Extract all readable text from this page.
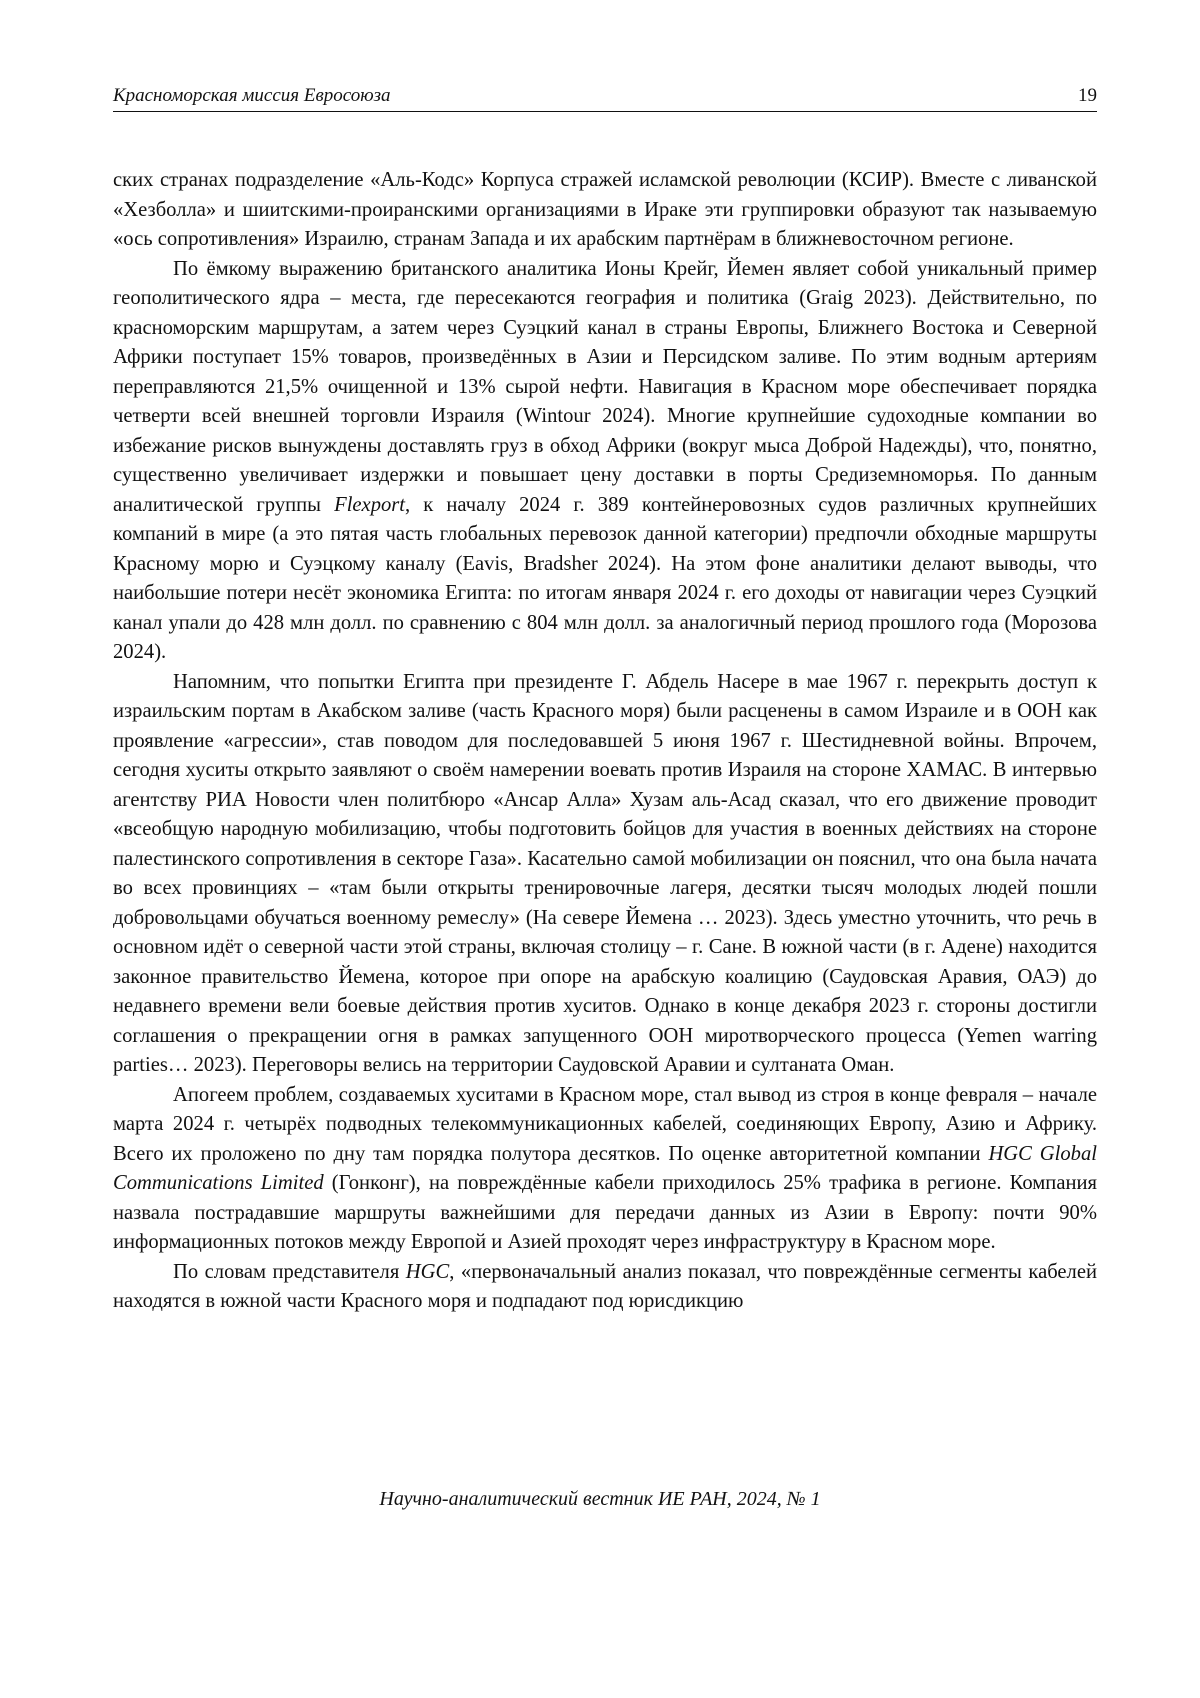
Красноморская миссия Евросоюза	19

ских странах подразделение «Аль-Кодс» Корпуса стражей исламской революции (КСИР). Вместе с ливанской «Хезболла» и шиитскими-проиранскими организациями в Ираке эти группировки образуют так называемую «ось сопротивления» Израилю, странам Запада и их арабским партнёрам в ближневосточном регионе.

По ёмкому выражению британского аналитика Ионы Крейг, Йемен являет собой уникальный пример геополитического ядра – места, где пересекаются география и политика (Graig 2023). Действительно, по красноморским маршрутам, а затем через Суэцкий канал в страны Европы, Ближнего Востока и Северной Африки поступает 15% товаров, произведённых в Азии и Персидском заливе. По этим водным артериям переправляются 21,5% очищенной и 13% сырой нефти. Навигация в Красном море обеспечивает порядка четверти всей внешней торговли Израиля (Wintour 2024). Многие крупнейшие судоходные компании во избежание рисков вынуждены доставлять груз в обход Африки (вокруг мыса Доброй Надежды), что, понятно, существенно увеличивает издержки и повышает цену доставки в порты Средиземноморья. По данным аналитической группы Flexport, к началу 2024 г. 389 контейнеровозных судов различных крупнейших компаний в мире (а это пятая часть глобальных перевозок данной категории) предпочли обходные маршруты Красному морю и Суэцкому каналу (Eavis, Bradsher 2024). На этом фоне аналитики делают выводы, что наибольшие потери несёт экономика Египта: по итогам января 2024 г. его доходы от навигации через Суэцкий канал упали до 428 млн долл. по сравнению с 804 млн долл. за аналогичный период прошлого года (Морозова 2024).

Напомним, что попытки Египта при президенте Г. Абдель Насере в мае 1967 г. перекрыть доступ к израильским портам в Акабском заливе (часть Красного моря) были расценены в самом Израиле и в ООН как проявление «агрессии», став поводом для последовавшей 5 июня 1967 г. Шестидневной войны. Впрочем, сегодня хуситы открыто заявляют о своём намерении воевать против Израиля на стороне ХАМАС. В интервью агентству РИА Новости член политбюро «Ансар Алла» Хузам аль-Асад сказал, что его движение проводит «всеобщую народную мобилизацию, чтобы подготовить бойцов для участия в военных действиях на стороне палестинского сопротивления в секторе Газа». Касательно самой мобилизации он пояснил, что она была начата во всех провинциях – «там были открыты тренировочные лагеря, десятки тысяч молодых людей пошли добровольцами обучаться военному ремеслу» (На севере Йемена … 2023). Здесь уместно уточнить, что речь в основном идёт о северной части этой страны, включая столицу – г. Сане. В южной части (в г. Адене) находится законное правительство Йемена, которое при опоре на арабскую коалицию (Саудовская Аравия, ОАЭ) до недавнего времени вели боевые действия против хуситов. Однако в конце декабря 2023 г. стороны достигли соглашения о прекращении огня в рамках запущенного ООН миротворческого процесса (Yemen warring parties… 2023). Переговоры велись на территории Саудовской Аравии и султаната Оман.

Апогеем проблем, создаваемых хуситами в Красном море, стал вывод из строя в конце февраля – начале марта 2024 г. четырёх подводных телекоммуникационных кабелей, соединяющих Европу, Азию и Африку. Всего их проложено по дну там порядка полутора десятков. По оценке авторитетной компании HGC Global Communications Limited (Гонконг), на повреждённые кабели приходилось 25% трафика в регионе. Компания назвала пострадавшие маршруты важнейшими для передачи данных из Азии в Европу: почти 90% информационных потоков между Европой и Азией проходят через инфраструктуру в Красном море.

По словам представителя HGC, «первоначальный анализ показал, что повреждённые сегменты кабелей находятся в южной части Красного моря и подпадают под юрисдикцию

Научно-аналитический вестник ИЕ РАН, 2024, № 1
